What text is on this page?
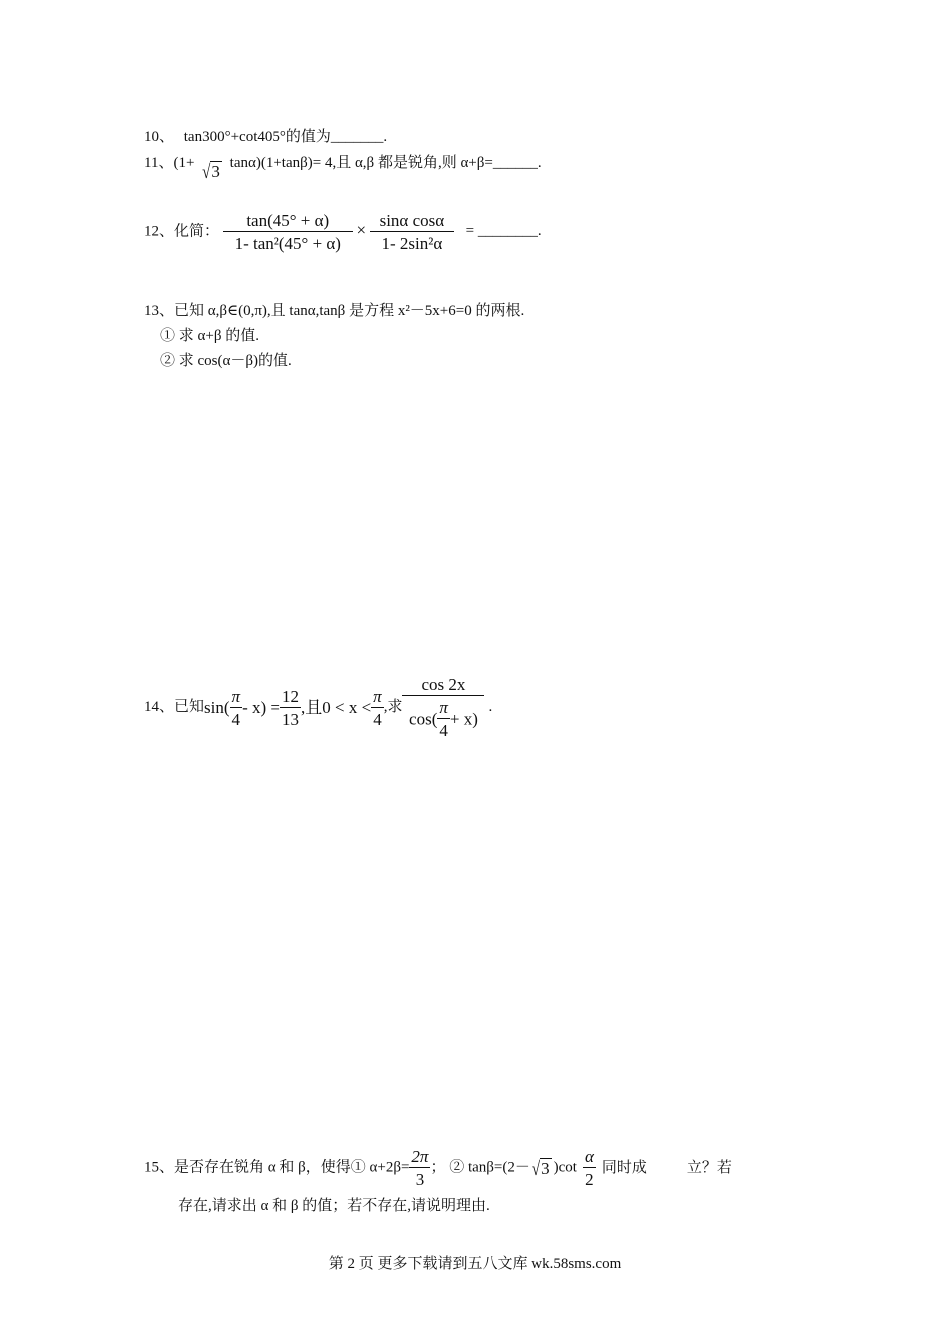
10、 tan300°+cot405°的值为_______.
11、(1+ √3 tanα)(1+tanβ)= 4,且 α,β 都是锐角,则 α+β=______.
12、化简： $\frac{\tan(45^\circ + \alpha)}{\text{1- tan²(45° + α)}} \times \frac{\text{sinα cosα}}{\text{1- 2sin²α}}$ = ________.
13、已知 α,β∈(0,π),且 tanα,tanβ 是方程 x²－5x+6=0 的两根.
① 求 α+β 的值.
② 求 cos(α－β)的值.
14、已知$\sin( \frac{\pi}{4} - x) = \frac{12}{13}$ ,且$0 < x < \frac{\pi}{4}$ ,求 $\frac{\cos 2x}{\cos( \frac{\pi}{4} + x)}$ .
15、是否存在锐角 α 和 β，使得① $\alpha+2\beta= \frac{2\pi}{3}$ ； ② tanβ=(2－ √3 )$\cot \frac{\alpha}{2}$ 同时成	立？若
存在,请求出 α 和 β 的值；若不存在,请说明理由.
第 2 页 更多下载请到五八文库 wk.58sms.com
